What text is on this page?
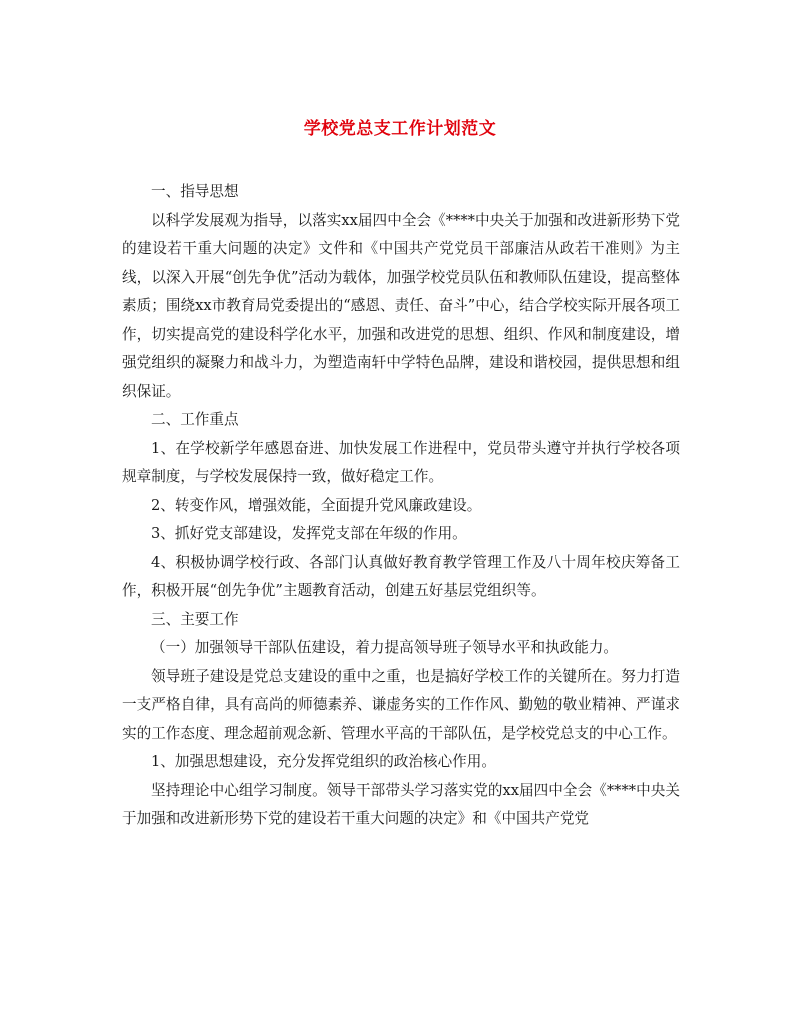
学校党总支工作计划范文

一、指导思想

以科学发展观为指导，以落实xx届四中全会《****中央关于加强和改进新形势下党的建设若干重大问题的决定》文件和《中国共产党党员干部廉洁从政若干准则》为主线，以深入开展“创先争优”活动为载体，加强学校党员队伍和教师队伍建设，提高整体素质；围绕xx市教育局党委提出的“感恩、责任、奋斗”中心，结合学校实际开展各项工作，切实提高党的建设科学化水平，加强和改进党的思想、组织、作风和制度建设，增强党组织的凝聚力和战斗力，为塑造南轩中学特色品牌，建设和谐校园，提供思想和组织保证。

二、工作重点

1、在学校新学年感恩奋进、加快发展工作进程中，党员带头遵守并执行学校各项规章制度，与学校发展保持一致，做好稳定工作。

2、转变作风，增强效能，全面提升党风廉政建设。

3、抓好党支部建设，发挥党支部在年级的作用。

4、积极协调学校行政、各部门认真做好教育教学管理工作及八十周年校庆筹备工作，积极开展“创先争优”主题教育活动，创建五好基层党组织等。

三、主要工作

（一）加强领导干部队伍建设，着力提高领导班子领导水平和执政能力。

领导班子建设是党总支建设的重中之重，也是搞好学校工作的关键所在。努力打造一支严格自律，具有高尚的师德素养、谦虚务实的工作作风、勤勉的敬业精神、严谨求实的工作态度、理念超前观念新、管理水平高的干部队伍，是学校党总支的中心工作。

1、加强思想建设，充分发挥党组织的政治核心作用。

坚持理论中心组学习制度。领导干部带头学习落实党的xx届四中全会《****中央关于加强和改进新形势下党的建设若干重大问题的决定》和《中国共产党党
